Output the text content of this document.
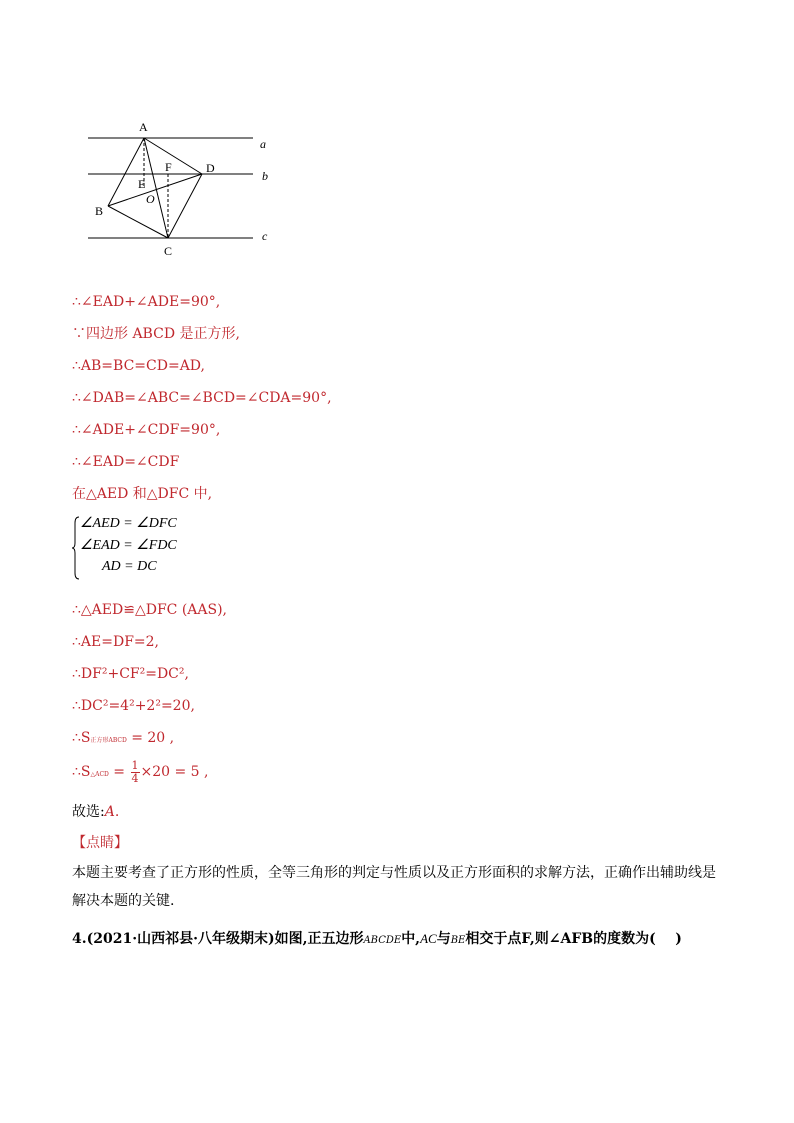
A
B
C
D
E
F
O
a
b
c
∴∠EAD+∠ADE=90°,
∵四边形 ABCD 是正方形,
∴AB=BC=CD=AD,
∴∠DAB=∠ABC=∠BCD=∠CDA=90°,
∴∠ADE+∠CDF=90°,
∴∠EAD=∠CDF
在△AED 和△DFC 中,
∠AED = ∠DFC
∠EAD = ∠FDC
AD = DC
∴△AED≌△DFC (AAS),
∴AE=DF=2,
∴DF²+CF²=DC²,
∴DC²=4²+2²=20,
∴S正方形ABCD = 20 ,
∴S△ACD = $\frac{1}{4} \times 20 = 5$ ,
故选:A.
【点睛】
本题主要考查了正方形的性质，全等三角形的判定与性质以及正方形面积的求解方法，正确作出辅助线是解决本题的关键.
4.(2021·山西祁县·八年级期末)如图,正五边形ABCDE中,AC与BE相交于点F,则∠AFB的度数为(    )
